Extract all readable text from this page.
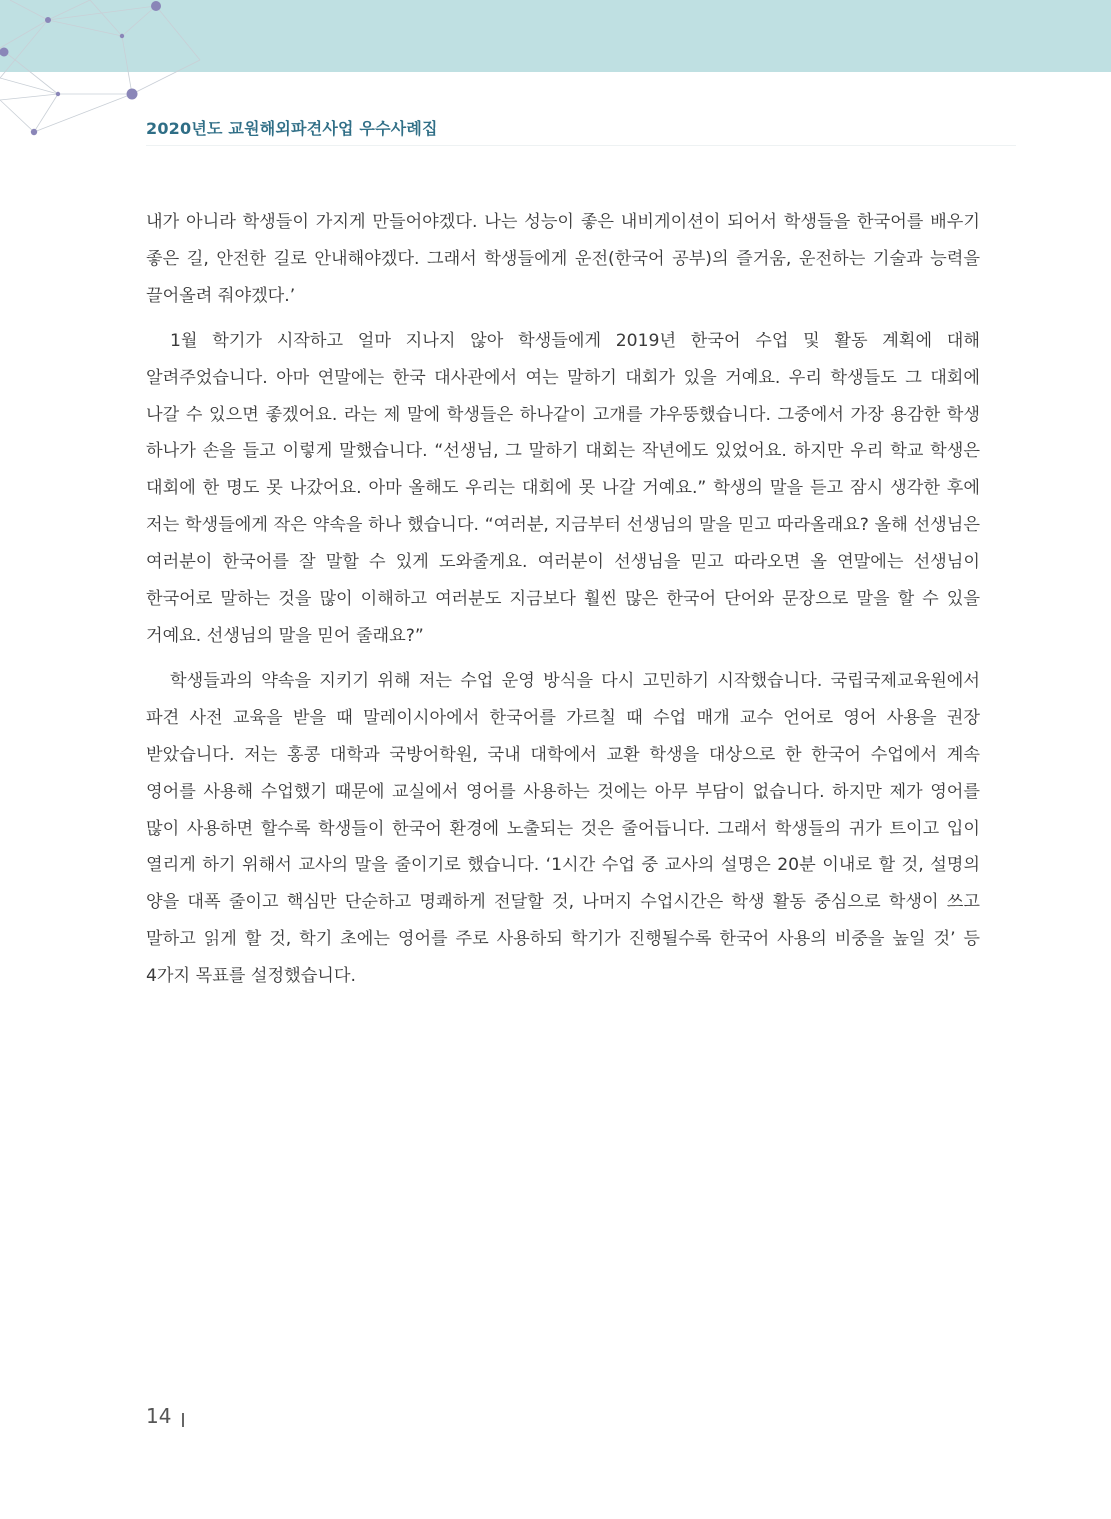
2020년도 교원해외파견사업 우수사례집

내가 아니라 학생들이 가지게 만들어야겠다. 나는 성능이 좋은 내비게이션이 되어서 학생들을 한국어를 배우기 좋은 길, 안전한 길로 안내해야겠다. 그래서 학생들에게 운전(한국어 공부)의 즐거움, 운전하는 기술과 능력을 끌어올려 줘야겠다.’

1월 학기가 시작하고 얼마 지나지 않아 학생들에게 2019년 한국어 수업 및 활동 계획에 대해 알려주었습니다. 아마 연말에는 한국 대사관에서 여는 말하기 대회가 있을 거예요. 우리 학생들도 그 대회에 나갈 수 있으면 좋겠어요. 라는 제 말에 학생들은 하나같이 고개를 갸우뚱했습니다. 그중에서 가장 용감한 학생 하나가 손을 들고 이렇게 말했습니다. “선생님, 그 말하기 대회는 작년에도 있었어요. 하지만 우리 학교 학생은 대회에 한 명도 못 나갔어요. 아마 올해도 우리는 대회에 못 나갈 거예요.” 학생의 말을 듣고 잠시 생각한 후에 저는 학생들에게 작은 약속을 하나 했습니다. “여러분, 지금부터 선생님의 말을 믿고 따라올래요? 올해 선생님은 여러분이 한국어를 잘 말할 수 있게 도와줄게요. 여러분이 선생님을 믿고 따라오면 올 연말에는 선생님이 한국어로 말하는 것을 많이 이해하고 여러분도 지금보다 훨씬 많은 한국어 단어와 문장으로 말을 할 수 있을 거예요. 선생님의 말을 믿어 줄래요?”

학생들과의 약속을 지키기 위해 저는 수업 운영 방식을 다시 고민하기 시작했습니다. 국립국제교육원에서 파견 사전 교육을 받을 때 말레이시아에서 한국어를 가르칠 때 수업 매개 교수 언어로 영어 사용을 권장 받았습니다. 저는 홍콩 대학과 국방어학원, 국내 대학에서 교환 학생을 대상으로 한 한국어 수업에서 계속 영어를 사용해 수업했기 때문에 교실에서 영어를 사용하는 것에는 아무 부담이 없습니다. 하지만 제가 영어를 많이 사용하면 할수록 학생들이 한국어 환경에 노출되는 것은 줄어듭니다. 그래서 학생들의 귀가 트이고 입이 열리게 하기 위해서 교사의 말을 줄이기로 했습니다. ‘1시간 수업 중 교사의 설명은 20분 이내로 할 것, 설명의 양을 대폭 줄이고 핵심만 단순하고 명쾌하게 전달할 것, 나머지 수업시간은 학생 활동 중심으로 학생이 쓰고 말하고 읽게 할 것, 학기 초에는 영어를 주로 사용하되 학기가 진행될수록 한국어 사용의 비중을 높일 것’ 등 4가지 목표를 설정했습니다.

14
